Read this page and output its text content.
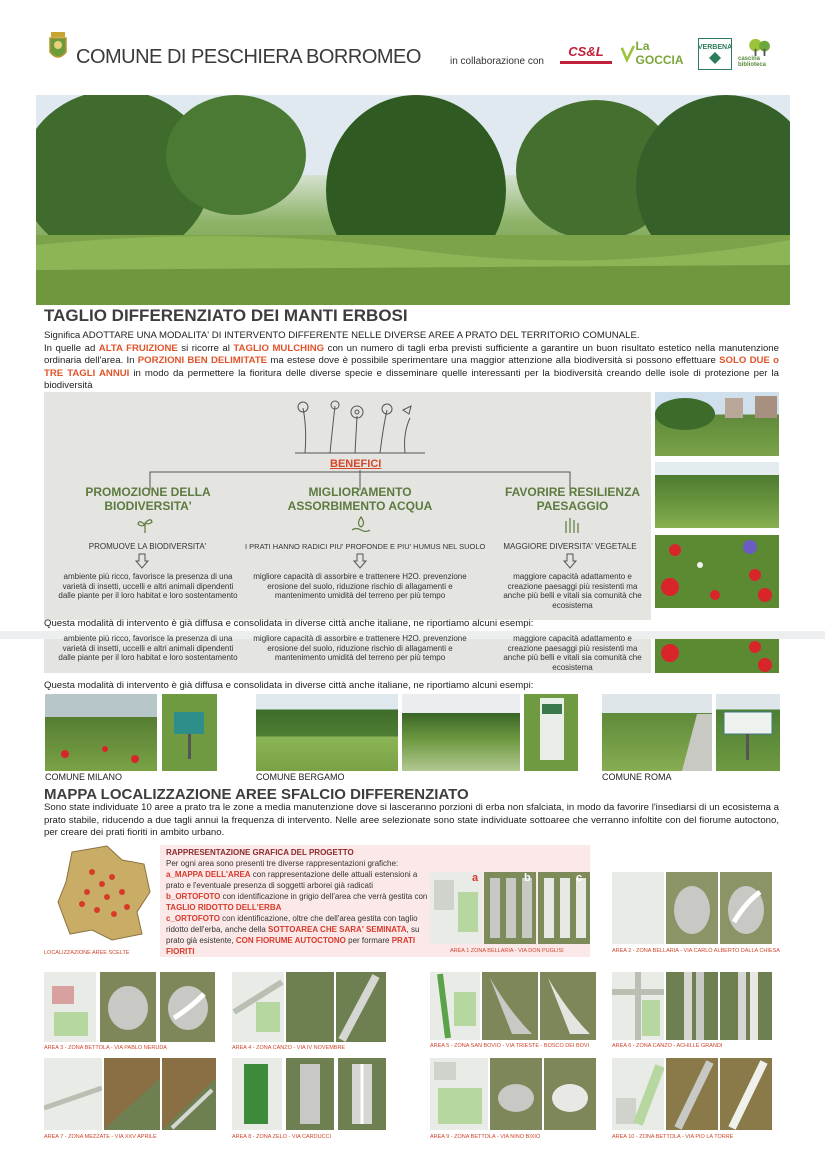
COMUNE DI PESCHIERA BORROMEO	in collaborazione con
CS&L	La GOCCIA
VERBENA
cascina biblioteca
TAGLIO DIFFERENZIATO DEI MANTI ERBOSI
Significa ADOTTARE UNA MODALITA' DI INTERVENTO DIFFERENTE NELLE DIVERSE AREE A PRATO DEL TERRITORIO COMUNALE.
In quelle ad ALTA FRUIZIONE si ricorre al TAGLIO MULCHING con un numero di tagli erba previsti sufficiente a garantire un buon risultato estetico nella manutenzione ordinaria dell'area. In PORZIONI BEN DELIMITATE ma estese dove è possibile sperimentare una maggior attenzione alla biodiversità si possono effettuare SOLO DUE o TRE TAGLI ANNUI in modo da permettere la fioritura delle diverse specie e disseminare quelle interessanti per la biodiversità creando delle isole di protezione per la biodiversità
BENEFICI
PROMOZIONE DELLA BIODIVERSITA'
PROMUOVE LA BIODIVERSITA'
ambiente più ricco, favorisce la presenza di una varietà di insetti, uccelli e altri animali dipendenti dalle piante per il loro habitat e loro sostentamento
MIGLIORAMENTO ASSORBIMENTO ACQUA
I PRATI HANNO RADICI PIU' PROFONDE E PIU' HUMUS NEL SUOLO
migliore capacità di assorbire e trattenere H2O. prevenzione erosione del suolo, riduzione rischio di allagamenti e mantenimento umidità del terreno per più tempo
FAVORIRE RESILIENZA PAESAGGIO
MAGGIORE DIVERSITA' VEGETALE
maggiore capacità adattamento e creazione paesaggi più resistenti ma anche più belli e vitali sia comunità che ecosistema
Questa modalità di intervento è già diffusa e consolidata in diverse città anche italiane, ne riportiamo alcuni esempi:
ambiente più ricco, favorisce la presenza di una varietà di insetti, uccelli e altri animali dipendenti dalle piante per il loro habitat e loro sostentamento
migliore capacità di assorbire e trattenere H2O. prevenzione erosione del suolo, riduzione rischio di allagamenti e mantenimento umidità del terreno per più tempo
maggiore capacità adattamento e creazione paesaggi più resistenti ma anche più belli e vitali sia comunità che ecosistema
Questa modalità di intervento è già diffusa e consolidata in diverse città anche italiane, ne riportiamo alcuni esempi:
COMUNE MILANO	COMUNE BERGAMO	COMUNE ROMA
MAPPA LOCALIZZAZIONE AREE SFALCIO DIFFERENZIATO
Sono state individuate 10 aree a prato tra le zone a media manutenzione dove si lasceranno porzioni di erba non sfalciata, in modo da favorire l'insediarsi di un ecosistema a prato stabile, riducendo a due tagli annui la frequenza di intervento. Nelle aree selezionate sono state individuate sottoaree che verranno infoltite con del fiorume autoctono, per creare dei prati fioriti in ambito urbano.
LOCALIZZAZIONE AREE SCELTE
RAPPRESENTAZIONE GRAFICA DEL PROGETTO
Per ogni area sono presenti tre diverse rappresentazioni grafiche:
a_MAPPA DELL'AREA con rappresentazione delle attuali estensioni a prato e l'eventuale presenza di soggetti arborei già radicati
b_ORTOFOTO con identificazione in grigio dell'area che verrà gestita con TAGLIO RIDOTTO DELL'ERBA
c_ORTOFOTO con identificazione, oltre che dell'area gestita con taglio ridotto dell'erba, anche della SOTTOAREA CHE SARA' SEMINATA, su prato già esistente, CON FIORUME AUTOCTONO per formare PRATI FIORITI
a	b	c
AREA 1 ZONA BELLARIA - VIA DON PUGLISI	AREA 2 - ZONA BELLARIA - VIA CARLO ALBERTO DALLA CHIESA
AREA 3 - ZONA BETTOLA - VIA PABLO NERUDA	AREA 4 - ZONA CANZO - VIA IV NOVEMBRE	AREA 5 - ZONA SAN BOVIO - VIA TRIESTE - BOSCO DEI BOVI	AREA 6 - ZONA CANZO - ACHILLE GRANDI
AREA 7 - ZONA MEZZATE - VIA XXV APRILE	AREA 8 - ZONA ZELO - VIA CARDUCCI	AREA 9 - ZONA BETTOLA - VIA NINO BIXIO	AREA 10 - ZONA BETTOLA - VIA PIO LA TORRE
